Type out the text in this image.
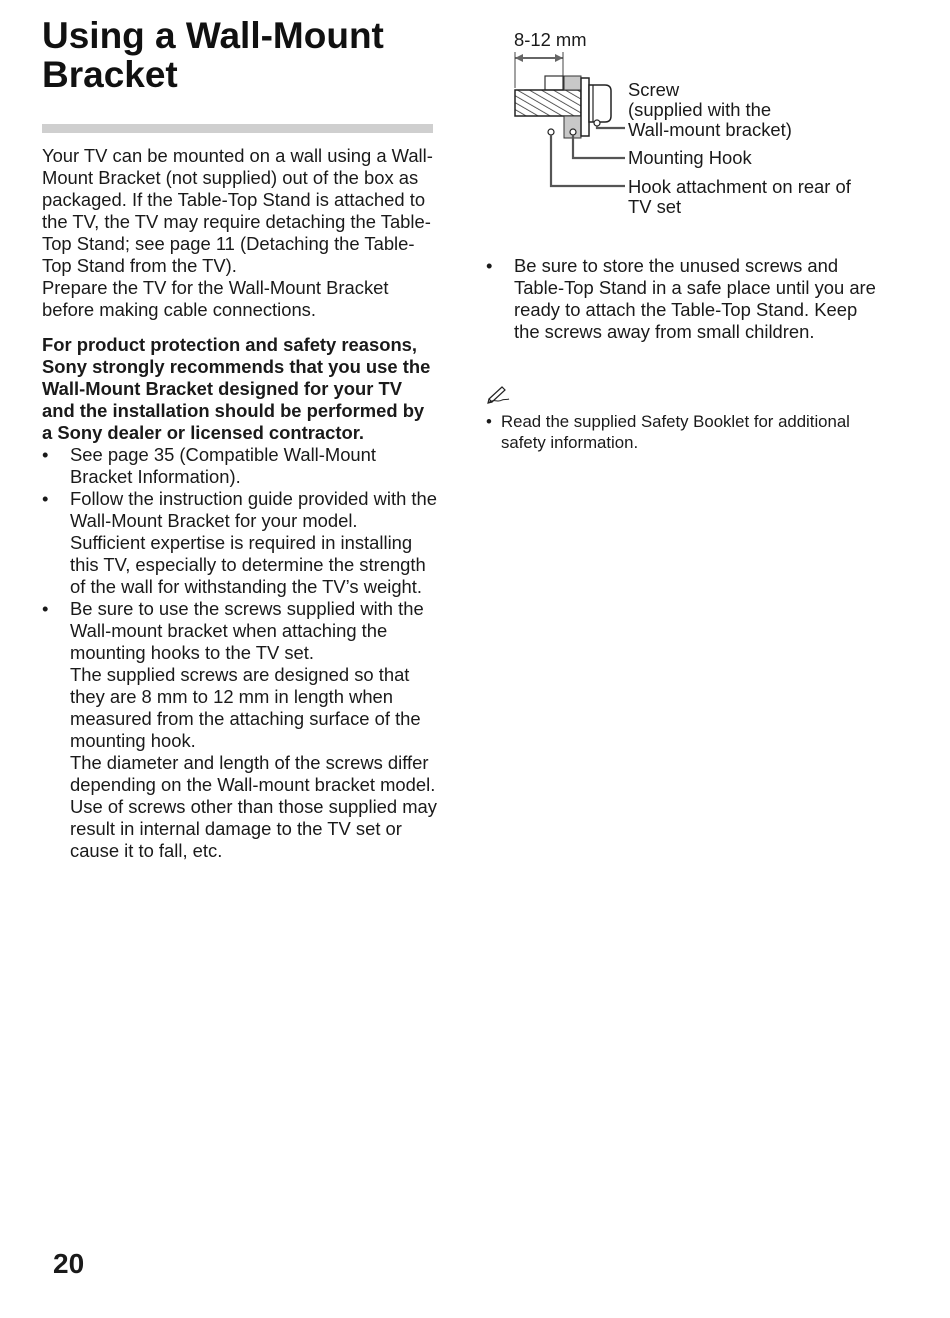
Using a Wall-Mount Bracket

Your TV can be mounted on a wall using a Wall-Mount Bracket (not supplied) out of the box as packaged. If the Table-Top Stand is attached to the TV, the TV may require detaching the Table-Top Stand; see page 11 (Detaching the Table-Top Stand from the TV).

Prepare the TV for the Wall-Mount Bracket before making cable connections.

For product protection and safety reasons, Sony strongly recommends that you use the Wall-Mount Bracket designed for your TV and the installation should be performed by a Sony dealer or licensed contractor.

• See page 35 (Compatible Wall-Mount Bracket Information).
• Follow the instruction guide provided with the Wall-Mount Bracket for your model. Sufficient expertise is required in installing this TV, especially to determine the strength of the wall for withstanding the TV’s weight.
• Be sure to use the screws supplied with the Wall-mount bracket when attaching the mounting hooks to the TV set.
The supplied screws are designed so that they are 8 mm to 12 mm in length when measured from the attaching surface of the mounting hook.
The diameter and length of the screws differ depending on the Wall-mount bracket model. Use of screws other than those supplied may result in internal damage to the TV set or cause it to fall, etc.
8-12 mm
Screw
(supplied with the
Wall-mount bracket)
Mounting Hook
Hook attachment on rear of
TV set
• Be sure to store the unused screws and Table-Top Stand in a safe place until you are ready to attach the Table-Top Stand. Keep the screws away from small children.
• Read the supplied Safety Booklet for additional safety information.
20
